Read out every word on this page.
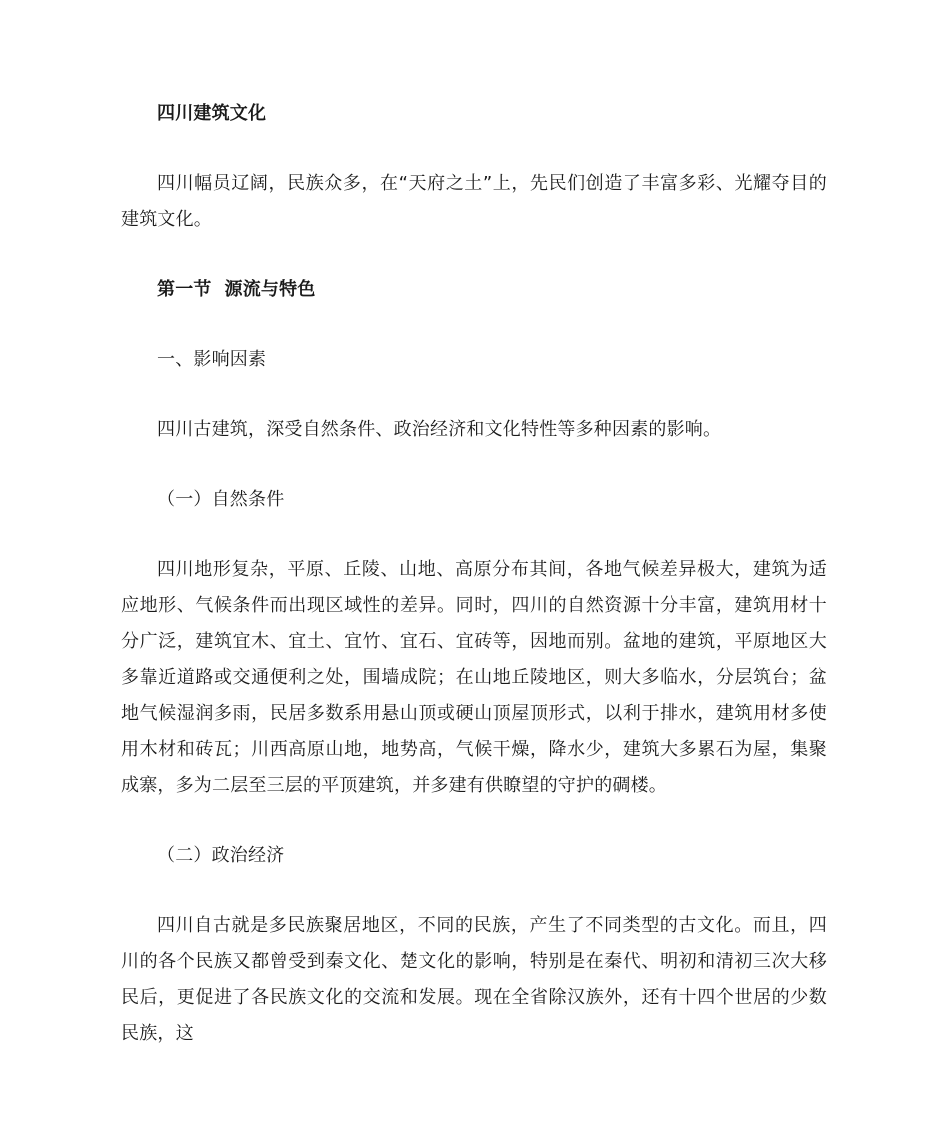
四川建筑文化

四川幅员辽阔，民族众多，在“天府之土”上，先民们创造了丰富多彩、光耀夺目的建筑文化。

第一节  源流与特色

一、影响因素

四川古建筑，深受自然条件、政治经济和文化特性等多种因素的影响。

（一）自然条件

四川地形复杂，平原、丘陵、山地、高原分布其间，各地气候差异极大，建筑为适应地形、气候条件而出现区域性的差异。同时，四川的自然资源十分丰富，建筑用材十分广泛，建筑宜木、宜土、宜竹、宜石、宜砖等，因地而别。盆地的建筑，平原地区大多靠近道路或交通便利之处，围墙成院；在山地丘陵地区，则大多临水，分层筑台；盆地气候湿润多雨，民居多数系用悬山顶或硬山顶屋顶形式，以利于排水，建筑用材多使用木材和砖瓦；川西高原山地，地势高，气候干燥，降水少，建筑大多累石为屋，集聚成寨，多为二层至三层的平顶建筑，并多建有供瞭望的守护的碉楼。

（二）政治经济

四川自古就是多民族聚居地区，不同的民族，产生了不同类型的古文化。而且，四川的各个民族又都曾受到秦文化、楚文化的影响，特别是在秦代、明初和清初三次大移民后，更促进了各民族文化的交流和发展。现在全省除汉族外，还有十四个世居的少数民族，这
